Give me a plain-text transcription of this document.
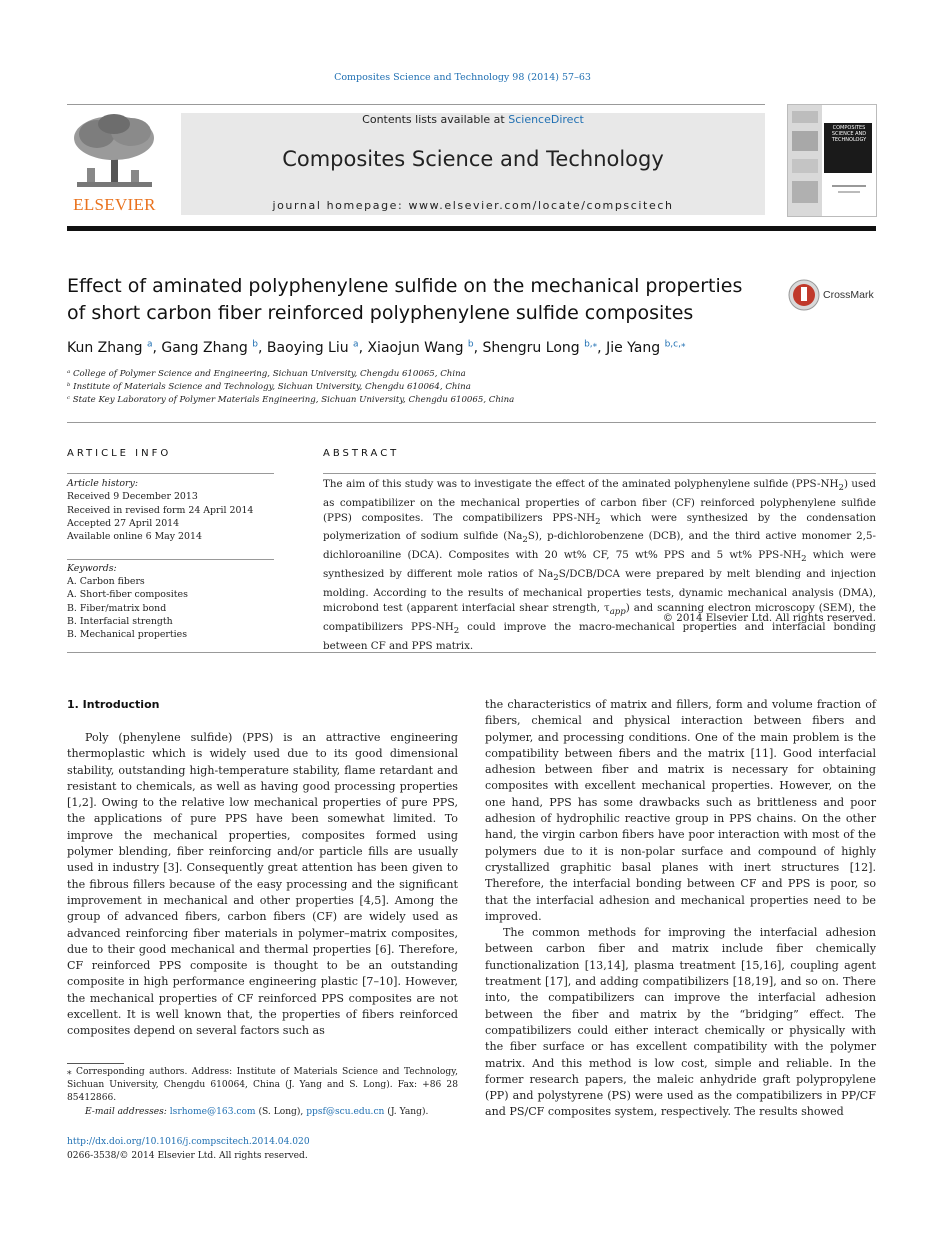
Composites Science and Technology 98 (2014) 57–63
ELSEVIER
Contents lists available at ScienceDirect
Composites Science and Technology
journal homepage: www.elsevier.com/locate/compscitech
COMPOSITES SCIENCE AND TECHNOLOGY
Effect of aminated polyphenylene sulfide on the mechanical properties
of short carbon fiber reinforced polyphenylene sulfide composites
CrossMark
Kun Zhang $^a$, Gang Zhang $^b$, Baoying Liu $^a$, Xiaojun Wang $^b$, Shengru Long $^{b,⁎}$, Jie Yang $^{b,c,⁎}$
ᵃ College of Polymer Science and Engineering, Sichuan University, Chengdu 610065, China
ᵇ Institute of Materials Science and Technology, Sichuan University, Chengdu 610064, China
ᶜ State Key Laboratory of Polymer Materials Engineering, Sichuan University, Chengdu 610065, China
ARTICLE INFO	ABSTRACT
Article history:
Received 9 December 2013
Received in revised form 24 April 2014
Accepted 27 April 2014
Available online 6 May 2014
Keywords:
A. Carbon fibers
A. Short-fiber composites
B. Fiber/matrix bond
B. Interfacial strength
B. Mechanical properties
The aim of this study was to investigate the effect of the aminated polyphenylene sulfide $(PPS-NH_2)$ used as compatibilizer on the mechanical properties of carbon fiber (CF) reinforced polyphenylene sulfide (PPS) composites. The compatibilizers PPS-$NH_2$ which were synthesized by the condensation polymerization of sodium sulfide $(Na_2S)$, p-dichlorobenzene (DCB), and the third active monomer 2,5-dichloroaniline (DCA). Composites with 20 wt% CF, 75 wt% PPS and 5 wt% PPS-$NH_2$ which were synthesized by different mole ratios of $Na_2S/DCB$/DCA were prepared by melt blending and injection molding. According to the results of mechanical properties tests, dynamic mechanical analysis (DMA), microbond test (apparent interfacial shear strength, $\tau_{app}$) and scanning electron microscopy (SEM), the compatibilizers PPS-$NH_2$ could improve the macro-mechanical properties and interfacial bonding between CF and PPS matrix.
© 2014 Elsevier Ltd. All rights reserved.
1. Introduction

Poly (phenylene sulfide) (PPS) is an attractive engineering thermoplastic which is widely used due to its good dimensional stability, outstanding high-temperature stability, flame retardant and resistant to chemicals, as well as having good processing properties [1,2]. Owing to the relative low mechanical properties of pure PPS, the applications of pure PPS have been somewhat limited. To improve the mechanical properties, composites formed using polymer blending, fiber reinforcing and/or particle fills are usually used in industry [3]. Consequently great attention has been given to the fibrous fillers because of the easy processing and the significant improvement in mechanical and other properties [4,5]. Among the group of advanced fibers, carbon fibers (CF) are widely used as advanced reinforcing fiber materials in polymer–matrix composites, due to their good mechanical and thermal properties [6]. Therefore, CF reinforced PPS composite is thought to be an outstanding composite in high performance engineering plastic [7–10]. However, the mechanical properties of CF reinforced PPS composites are not excellent. It is well known that, the properties of fibers reinforced composites depend on several factors such as

the characteristics of matrix and fillers, form and volume fraction of fibers, chemical and physical interaction between fibers and polymer, and processing conditions. One of the main problem is the compatibility between fibers and the matrix [11]. Good interfacial adhesion between fiber and matrix is necessary for obtaining composites with excellent mechanical properties. However, on the one hand, PPS has some drawbacks such as brittleness and poor adhesion of hydrophilic reactive group in PPS chains. On the other hand, the virgin carbon fibers have poor interaction with most of the polymers due to it is non-polar surface and compound of highly crystallized graphitic basal planes with inert structures [12]. Therefore, the interfacial bonding between CF and PPS is poor, so that the interfacial adhesion and mechanical properties need to be improved.

The common methods for improving the interfacial adhesion between carbon fiber and matrix include fiber chemically functionalization [13,14], plasma treatment [15,16], coupling agent treatment [17], and adding compatibilizers [18,19], and so on. There into, the compatibilizers can improve the interfacial adhesion between the fiber and matrix by the “bridging” effect. The compatibilizers could either interact chemically or physically with the fiber surface or has excellent compatibility with the polymer matrix. And this method is low cost, simple and reliable. In the former research papers, the maleic anhydride graft polypropylene (PP) and polystyrene (PS) were used as the compatibilizers in PP/CF and PS/CF composites system, respectively. The results showed

⁎ Corresponding authors. Address: Institute of Materials Science and Technology, Sichuan University, Chengdu 610064, China (J. Yang and S. Long). Fax: +86 28 85412866.
E-mail addresses: lsrhome@163.com (S. Long), ppsf@scu.edu.cn (J. Yang).
http://dx.doi.org/10.1016/j.compscitech.2014.04.020
0266-3538/© 2014 Elsevier Ltd. All rights reserved.
